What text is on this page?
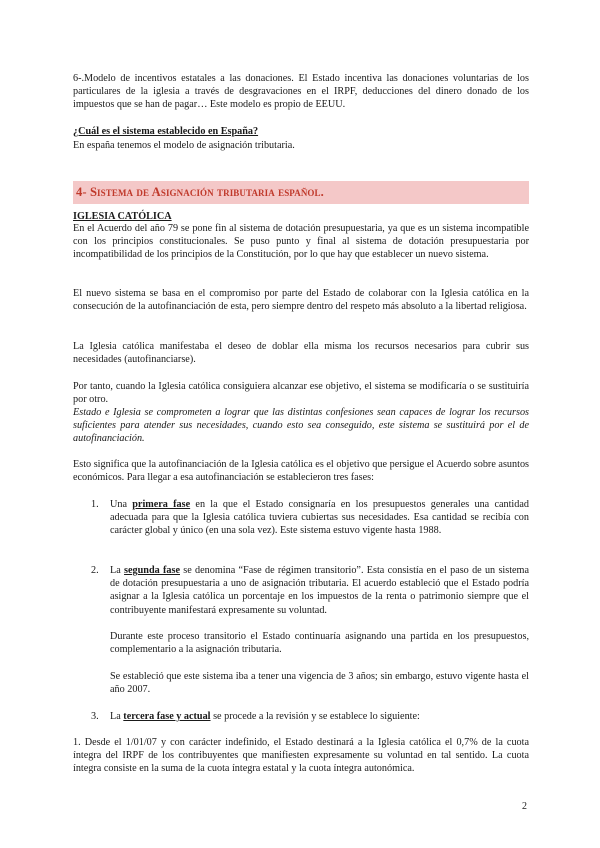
6-.Modelo de incentivos estatales a las donaciones. El Estado incentiva las donaciones voluntarias de los particulares de la iglesia a través de desgravaciones en el IRPF, deducciones del dinero donado de los impuestos que se han de pagar… Este modelo es propio de EEUU.

¿Cuál es el sistema establecido en España?

En españa tenemos el modelo de asignación tributaria.

4- Sistema de Asignación tributaria español.

IGLESIA CATÓLICA

En el Acuerdo del año 79 se pone fin al sistema de dotación presupuestaria, ya que es un sistema incompatible con los principios constitucionales. Se puso punto y final al sistema de dotación presupuestaria por incompatibilidad de los principios de la Constitución, por lo que hay que establecer un nuevo sistema.

El nuevo sistema se basa en el compromiso por parte del Estado de colaborar con la Iglesia católica en la consecución de la autofinanciación de esta, pero siempre dentro del respeto más absoluto a la libertad religiosa.

La Iglesia católica manifestaba el deseo de doblar ella misma los recursos necesarios para cubrir sus necesidades (autofinanciarse).

Por tanto, cuando la Iglesia católica consiguiera alcanzar ese objetivo, el sistema se modificaría o se sustituiría por otro.

Estado e Iglesia se comprometen a lograr que las distintas confesiones sean capaces de lograr los recursos suficientes para atender sus necesidades, cuando esto sea conseguido, este sistema se sustituirá por el de autofinanciación.

Esto significa que la autofinanciación de la Iglesia católica es el objetivo que persigue el Acuerdo sobre asuntos económicos. Para llegar a esa autofinanciación se establecieron tres fases:

1. Una primera fase en la que el Estado consignaría en los presupuestos generales una cantidad adecuada para que la Iglesia católica tuviera cubiertas sus necesidades. Esa cantidad se recibía con carácter global y único (en una sola vez). Este sistema estuvo vigente hasta 1988.

2. La segunda fase se denomina “Fase de régimen transitorio”. Esta consistía en el paso de un sistema de dotación presupuestaria a uno de asignación tributaria. El acuerdo estableció que el Estado podría asignar a la Iglesia católica un porcentaje en los impuestos de la renta o patrimonio siempre que el contribuyente manifestará expresamente su voluntad.

Durante este proceso transitorio el Estado continuaría asignando una partida en los presupuestos, complementario a la asignación tributaria.

Se estableció que este sistema iba a tener una vigencia de 3 años; sin embargo, estuvo vigente hasta el año 2007.

3. La tercera fase y actual se procede a la revisión y se establece lo siguiente:

1. Desde el 1/01/07 y con carácter indefinido, el Estado destinará a la Iglesia católica el 0,7% de la cuota íntegra del IRPF de los contribuyentes que manifiesten expresamente su voluntad en tal sentido. La cuota íntegra consiste en la suma de la cuota íntegra estatal y la cuota íntegra autonómica.

2
